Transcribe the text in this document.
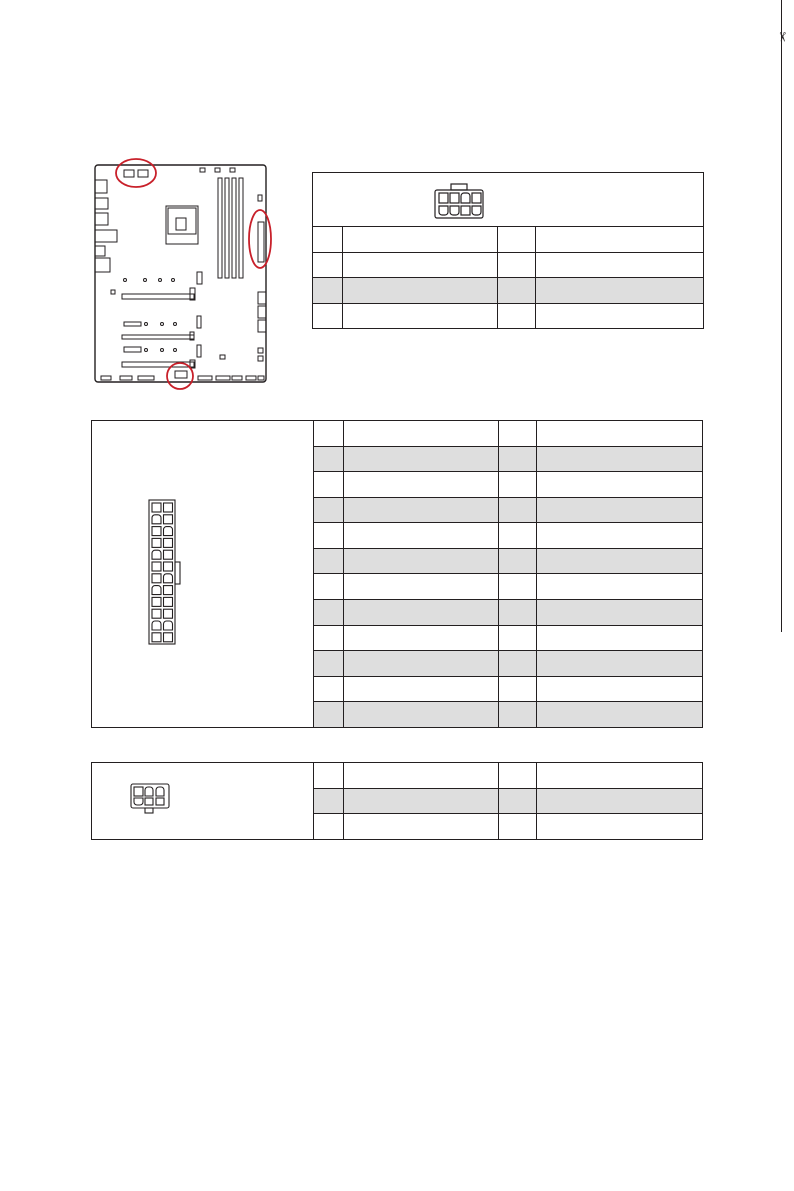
✂
